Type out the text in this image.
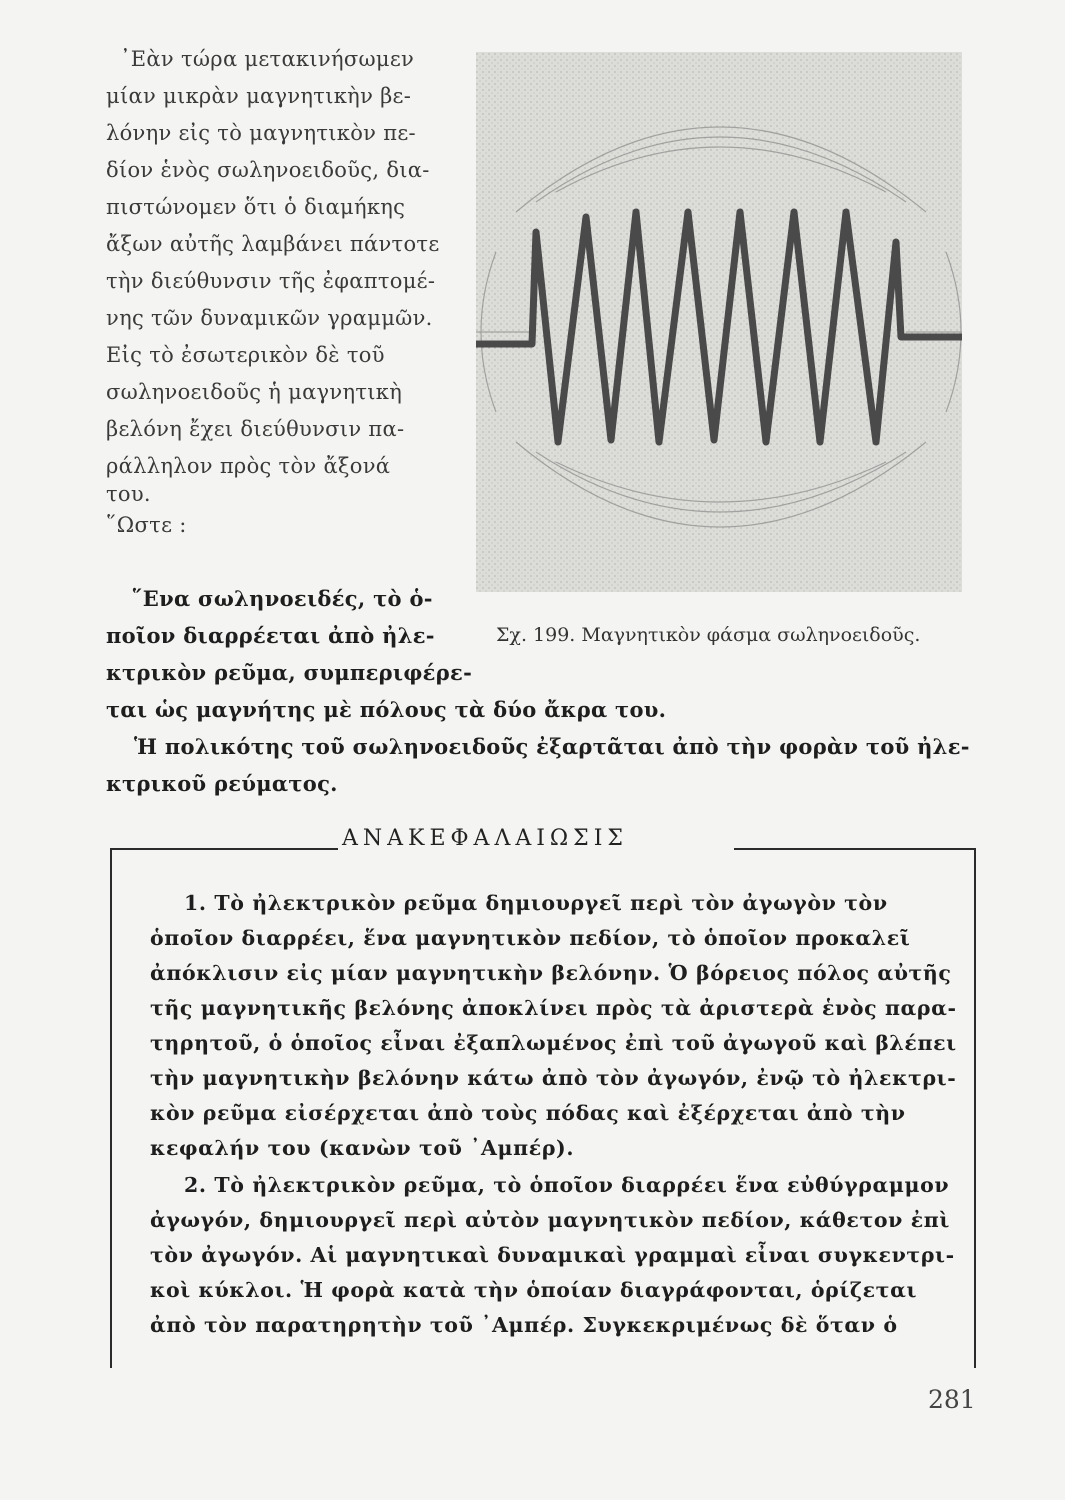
᾿Εὰν τώρα μετακινήσωμεν
μίαν μικρὰν μαγνητικὴν βε-
λόνην εἰς τὸ μαγνητικὸν πε-
δίον ἑνὸς σωληνοειδοῦς, δια-
πιστώνομεν ὅτι ὁ διαμήκης
ἄξων αὐτῆς λαμβάνει πάντοτε
τὴν διεύθυνσιν τῆς ἐφαπτομέ-
νης τῶν δυναμικῶν γραμμῶν.
Εἰς τὸ ἐσωτερικὸν δὲ τοῦ
σωληνοειδοῦς ἡ μαγνητικὴ
βελόνη ἔχει διεύθυνσιν πα-
ράλληλον πρὸς τὸν ἄξονά
του.
῞Ωστε :
Σχ. 199. Μαγνητικὸν φάσμα σωληνοειδοῦς.
῞Ενα σωληνοειδές, τὸ ὁ-
ποῖον διαρρέεται ἀπὸ ἠλε-
κτρικὸν ρεῦμα, συμπεριφέρε-
ται ὡς μαγνήτης μὲ πόλους τὰ δύο ἄκρα του.
Ἡ πολικότης τοῦ σωληνοειδοῦς ἐξαρτᾶται ἀπὸ τὴν φορὰν τοῦ ἠλε-
κτρικοῦ ρεύματος.
ΑΝΑΚΕΦΑΛΑΙΩΣΙΣ
1. Τὸ ἠλεκτρικὸν ρεῦμα δημιουργεῖ περὶ τὸν ἀγωγὸν τὸν
ὁποῖον διαρρέει, ἕνα μαγνητικὸν πεδίον, τὸ ὁποῖον προκαλεῖ
ἀπόκλισιν εἰς μίαν μαγνητικὴν βελόνην. Ὁ βόρειος πόλος αὐτῆς
τῆς μαγνητικῆς βελόνης ἀποκλίνει πρὸς τὰ ἀριστερὰ ἑνὸς παρα-
τηρητοῦ, ὁ ὁποῖος εἶναι ἐξαπλωμένος ἐπὶ τοῦ ἀγωγοῦ καὶ βλέπει
τὴν μαγνητικὴν βελόνην κάτω ἀπὸ τὸν ἀγωγόν, ἐνῷ τὸ ἠλεκτρι-
κὸν ρεῦμα εἰσέρχεται ἀπὸ τοὺς πόδας καὶ ἐξέρχεται ἀπὸ τὴν
κεφαλήν του (κανὼν τοῦ ᾿Αμπέρ).
2. Τὸ ἠλεκτρικὸν ρεῦμα, τὸ ὁποῖον διαρρέει ἕνα εὐθύγραμμον
ἀγωγόν, δημιουργεῖ περὶ αὐτὸν μαγνητικὸν πεδίον, κάθετον ἐπὶ
τὸν ἀγωγόν. Αἱ μαγνητικαὶ δυναμικαὶ γραμμαὶ εἶναι συγκεντρι-
κοὶ κύκλοι. Ἡ φορὰ κατὰ τὴν ὁποίαν διαγράφονται, ὁρίζεται
ἀπὸ τὸν παρατηρητὴν τοῦ ᾿Αμπέρ. Συγκεκριμένως δὲ ὅταν ὁ
281
